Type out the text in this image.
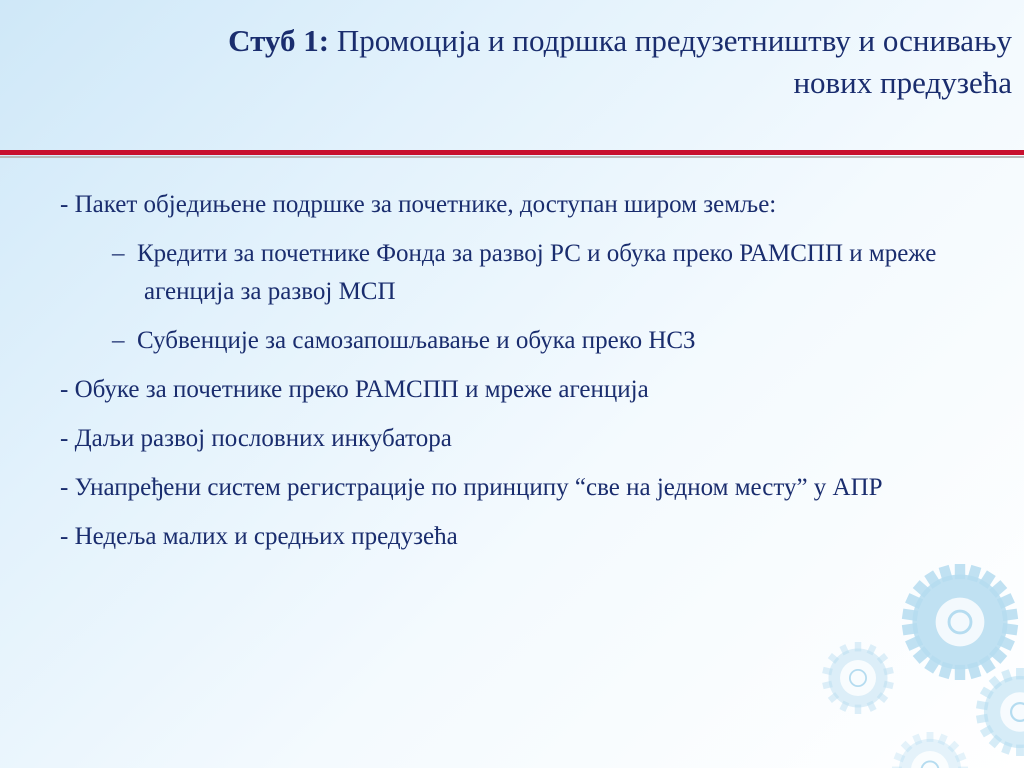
Стуб 1: Промоција и подршка предузетништву и оснивању нових предузећа
- Пакет обједињене подршке за почетнике, доступан широм земље:
– Кредити за почетнике Фонда за развој РС и обука преко РАМСПП и мреже агенција за развој МСП
– Субвенције за самозапошљавање и обука преко НСЗ
- Обуке за почетнике преко РАМСПП и мреже агенција
- Даљи развој пословних инкубатора
- Унапређени систем регистрације по принципу “све на једном месту” у АПР
- Недеља малих и средњих предузећа
